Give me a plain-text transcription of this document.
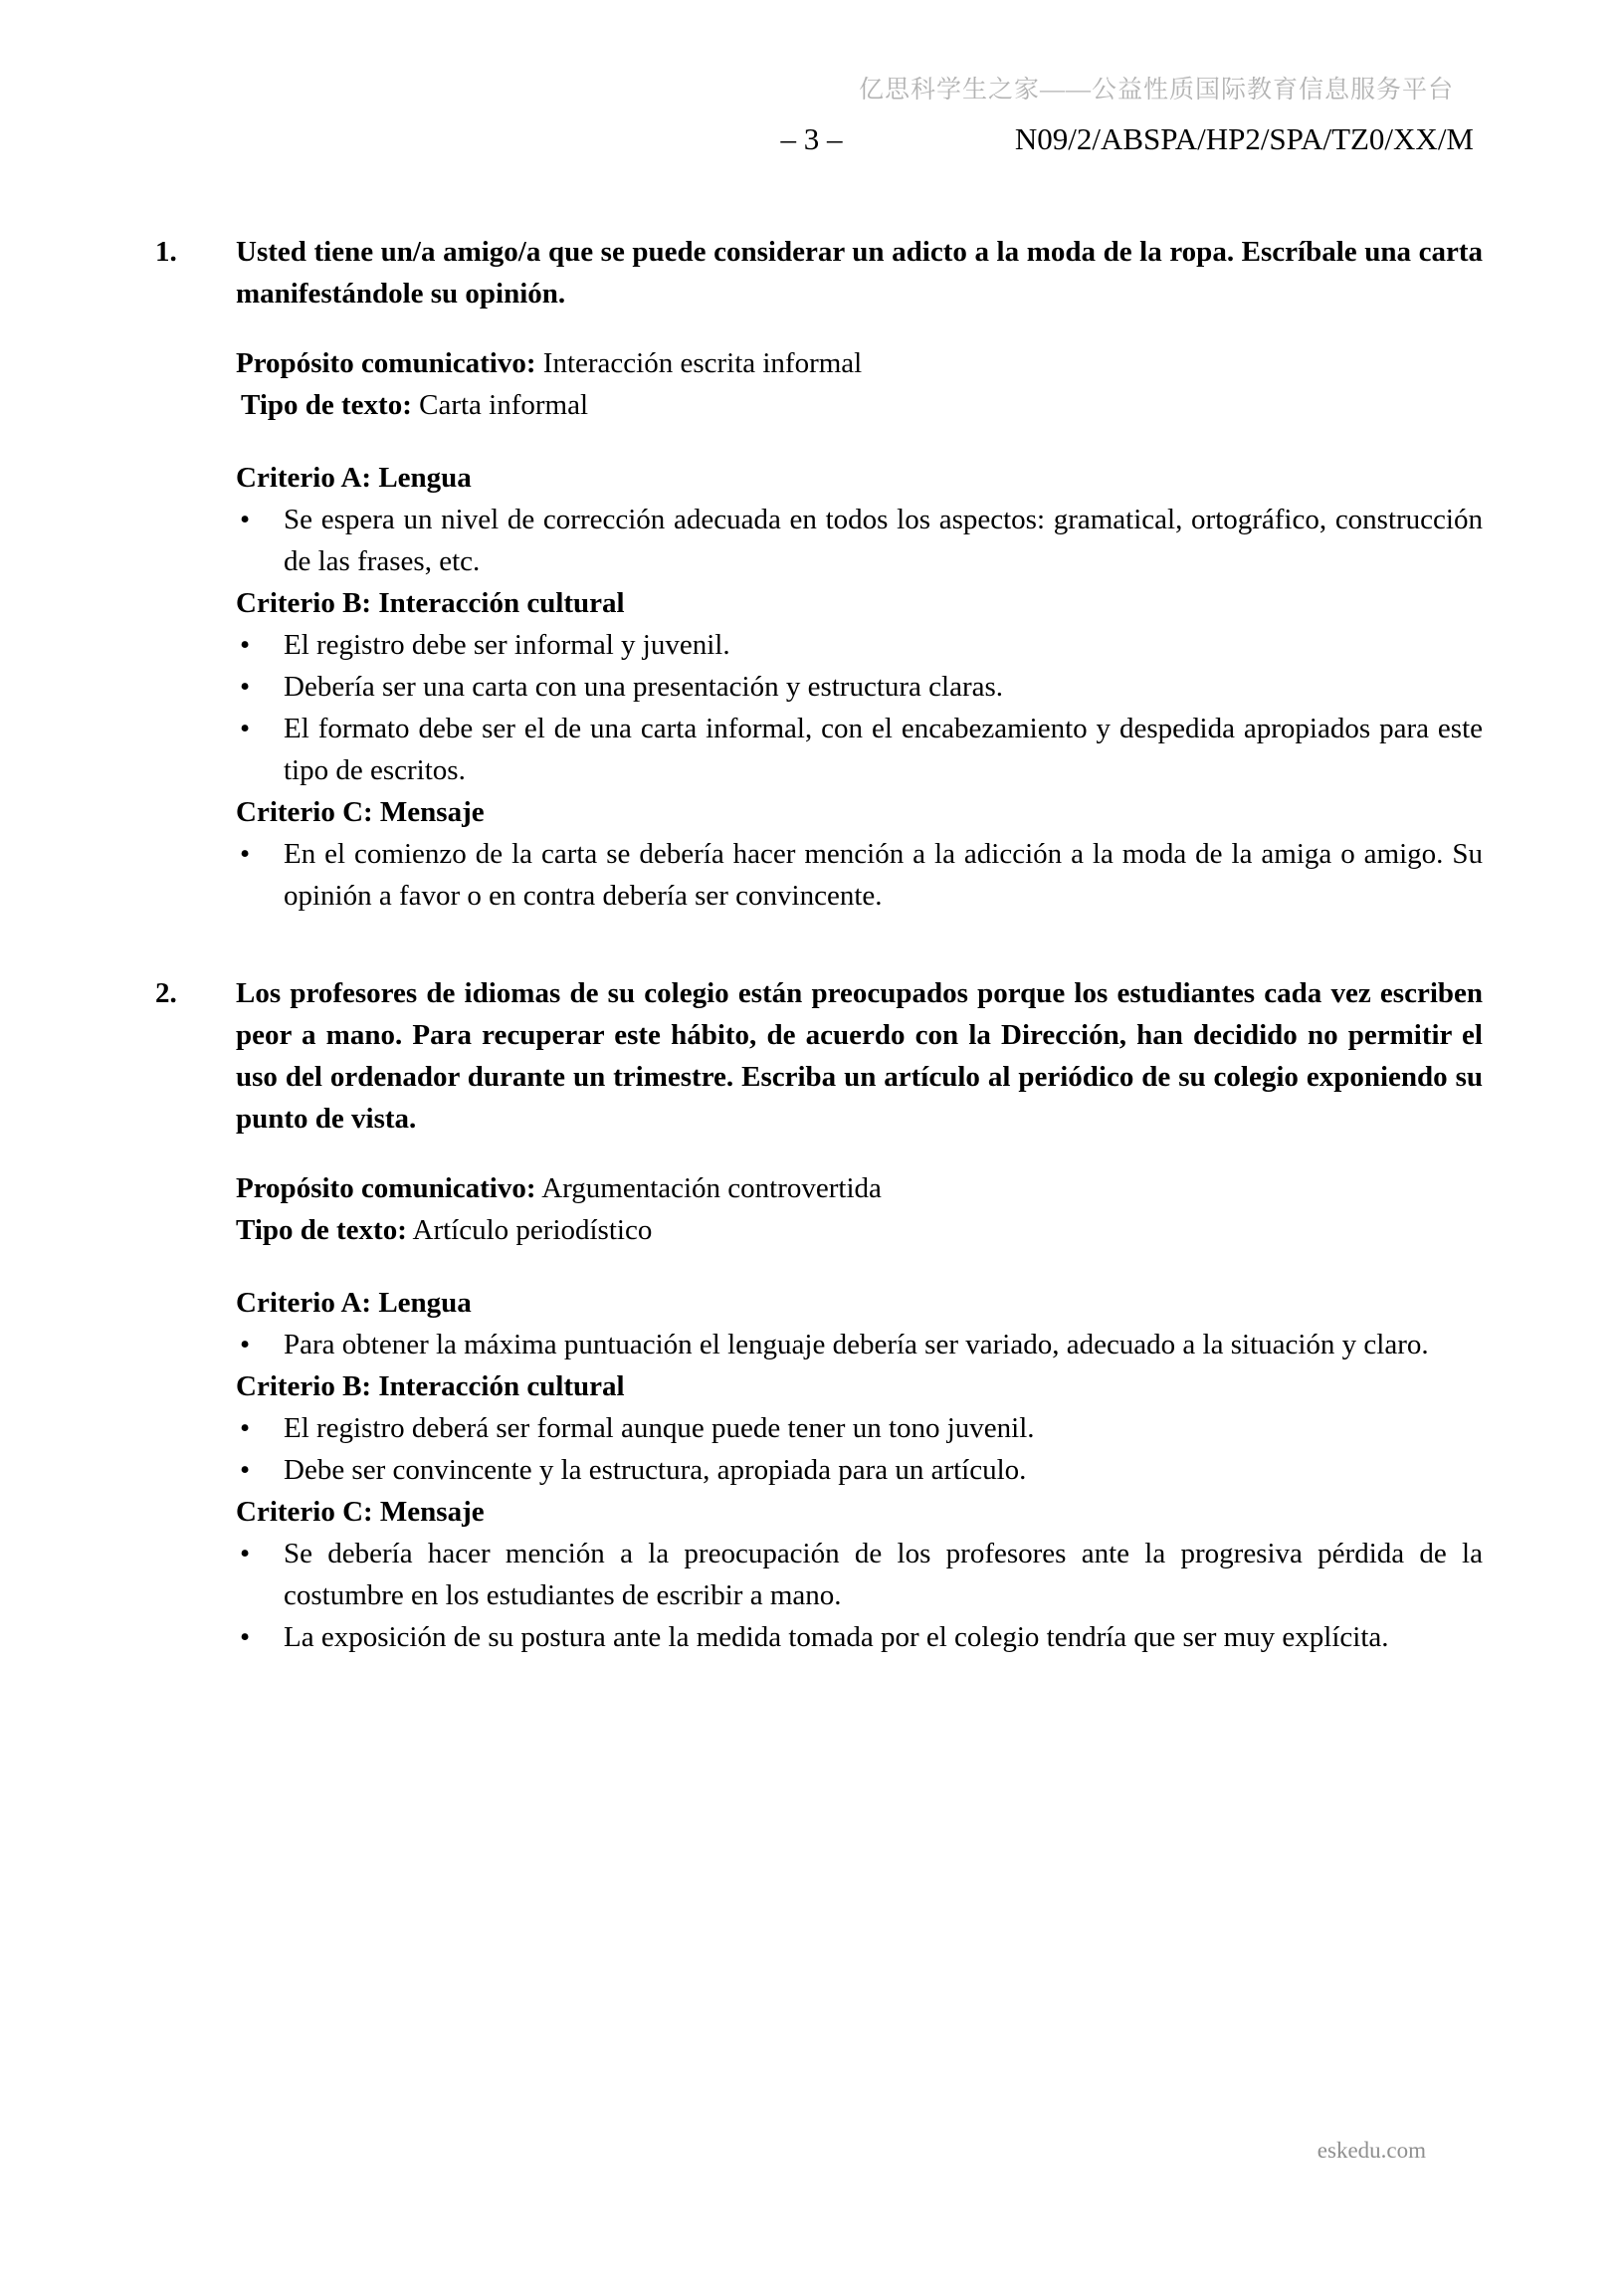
亿思科学生之家——公益性质国际教育信息服务平台
– 3 –	N09/2/ABSPA/HP2/SPA/TZ0/XX/M
1.	Usted tiene un/a amigo/a que se puede considerar un adicto a la moda de la ropa. Escríbale una carta manifestándole su opinión.
Propósito comunicativo: Interacción escrita informal
Tipo de texto: Carta informal
Criterio A: Lengua
•	Se espera un nivel de corrección adecuada en todos los aspectos: gramatical, ortográfico, construcción de las frases, etc.
Criterio B: Interacción cultural
•	El registro debe ser informal y juvenil.
•	Debería ser una carta con una presentación y estructura claras.
•	El formato debe ser el de una carta informal, con el encabezamiento y despedida apropiados para este tipo de escritos.
Criterio C: Mensaje
•	En el comienzo de la carta se debería hacer mención a la adicción a la moda de la amiga o amigo. Su opinión a favor o en contra debería ser convincente.
2.	Los profesores de idiomas de su colegio están preocupados porque los estudiantes cada vez escriben peor a mano. Para recuperar este hábito, de acuerdo con la Dirección, han decidido no permitir el uso del ordenador durante un trimestre. Escriba un artículo al periódico de su colegio exponiendo su punto de vista.
Propósito comunicativo: Argumentación controvertida
Tipo de texto: Artículo periodístico
Criterio A: Lengua
•	Para obtener la máxima puntuación el lenguaje debería ser variado, adecuado a la situación y claro.
Criterio B: Interacción cultural
•	El registro deberá ser formal aunque puede tener un tono juvenil.
•	Debe ser convincente y la estructura, apropiada para un artículo.
Criterio C: Mensaje
•	Se debería hacer mención a la preocupación de los profesores ante la progresiva pérdida de la costumbre en los estudiantes de escribir a mano.
•	La exposición de su postura ante la medida tomada por el colegio tendría que ser muy explícita.
eskedu.com
